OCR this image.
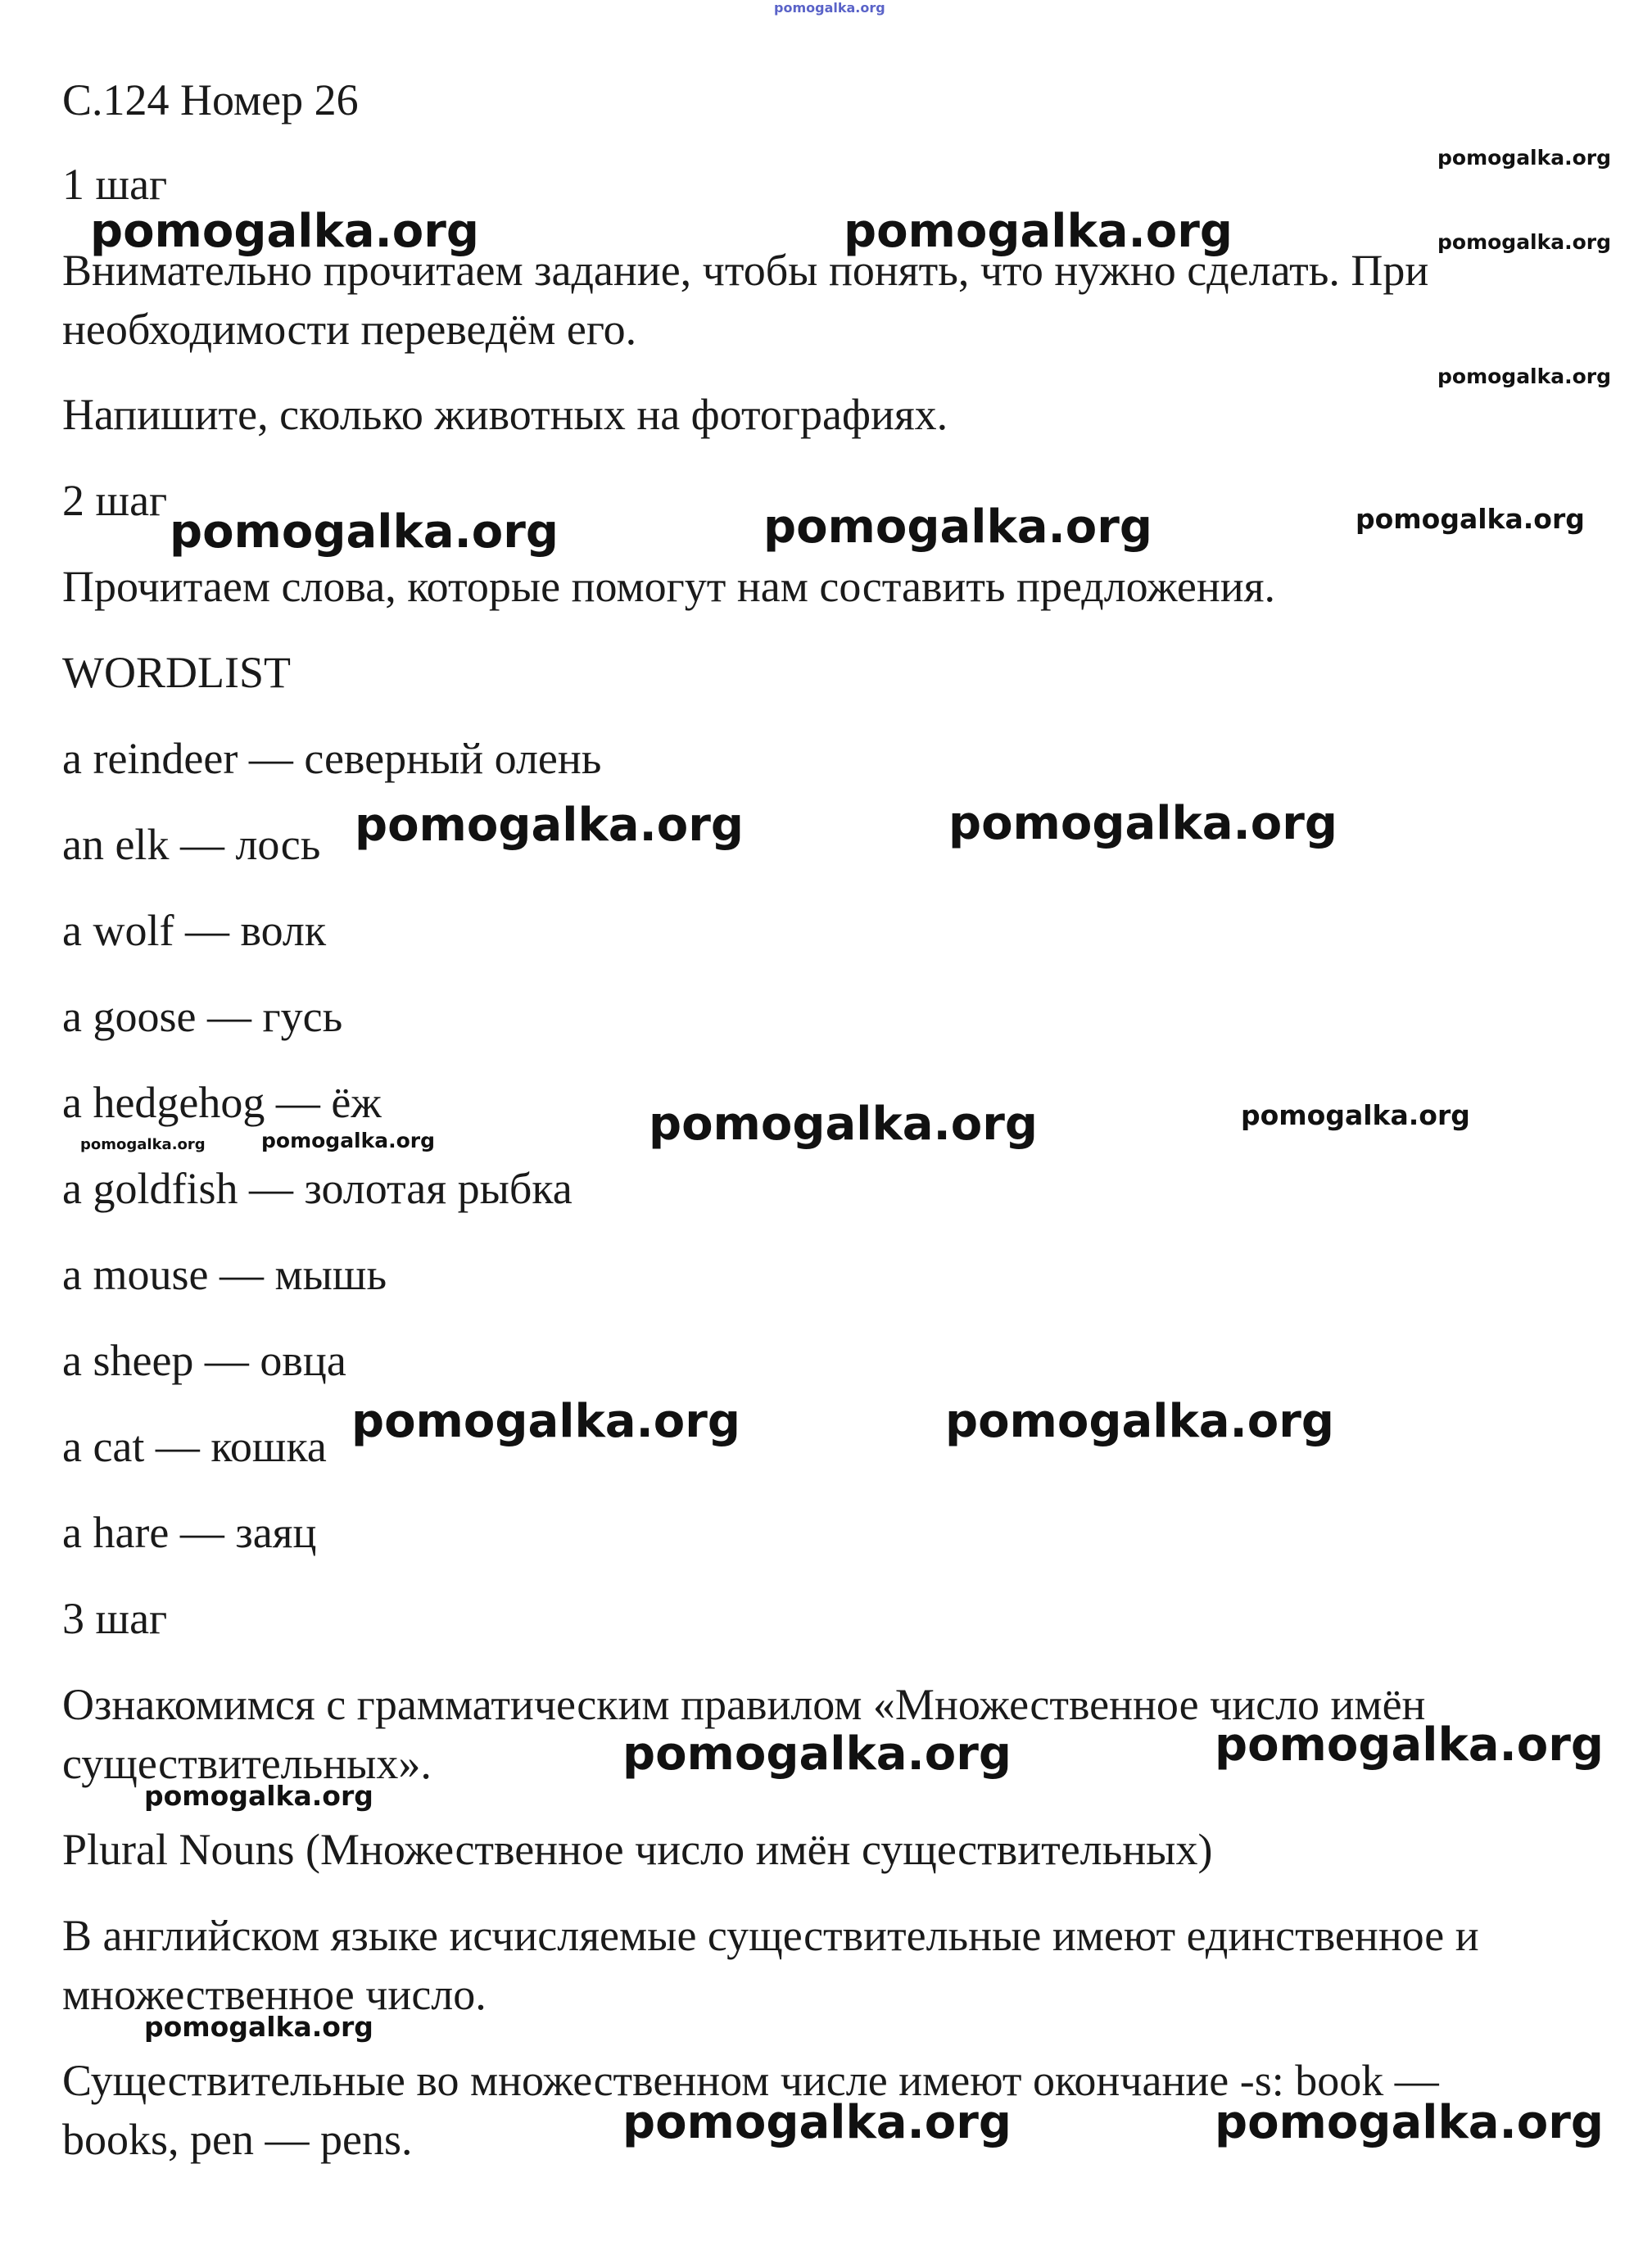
pomogalka.org
С.124 Номер 26
1 шаг
Внимательно прочитаем задание, чтобы понять, что нужно сделать. При
необходимости переведём его.
Напишите, сколько животных на фотографиях.
2 шаг
Прочитаем слова, которые помогут нам составить предложения.
WORDLIST
a reindeer — северный олень
an elk — лось
a wolf — волк
a goose — гусь
a hedgehog — ёж
a goldfish — золотая рыбка
a mouse — мышь
a sheep — овца
a cat — кошка
a hare — заяц
3 шаг
Ознакомимся с грамматическим правилом «Множественное число имён
существительных».
Plural Nouns (Множественное число имён существительных)
В английском языке исчисляемые существительные имеют единственное и
множественное число.
Существительные во множественном числе имеют окончание -s: book —
books, pen — pens.
pomogalka.org
pomogalka.org	pomogalka.org	pomogalka.org
pomogalka.org
pomogalka.org	pomogalka.org	pomogalka.org
pomogalka.org	pomogalka.org
pomogalka.org	pomogalka.org	pomogalka.org	pomogalka.org
pomogalka.org	pomogalka.org
pomogalka.org	pomogalka.org
pomogalka.org
pomogalka.org
pomogalka.org	pomogalka.org
